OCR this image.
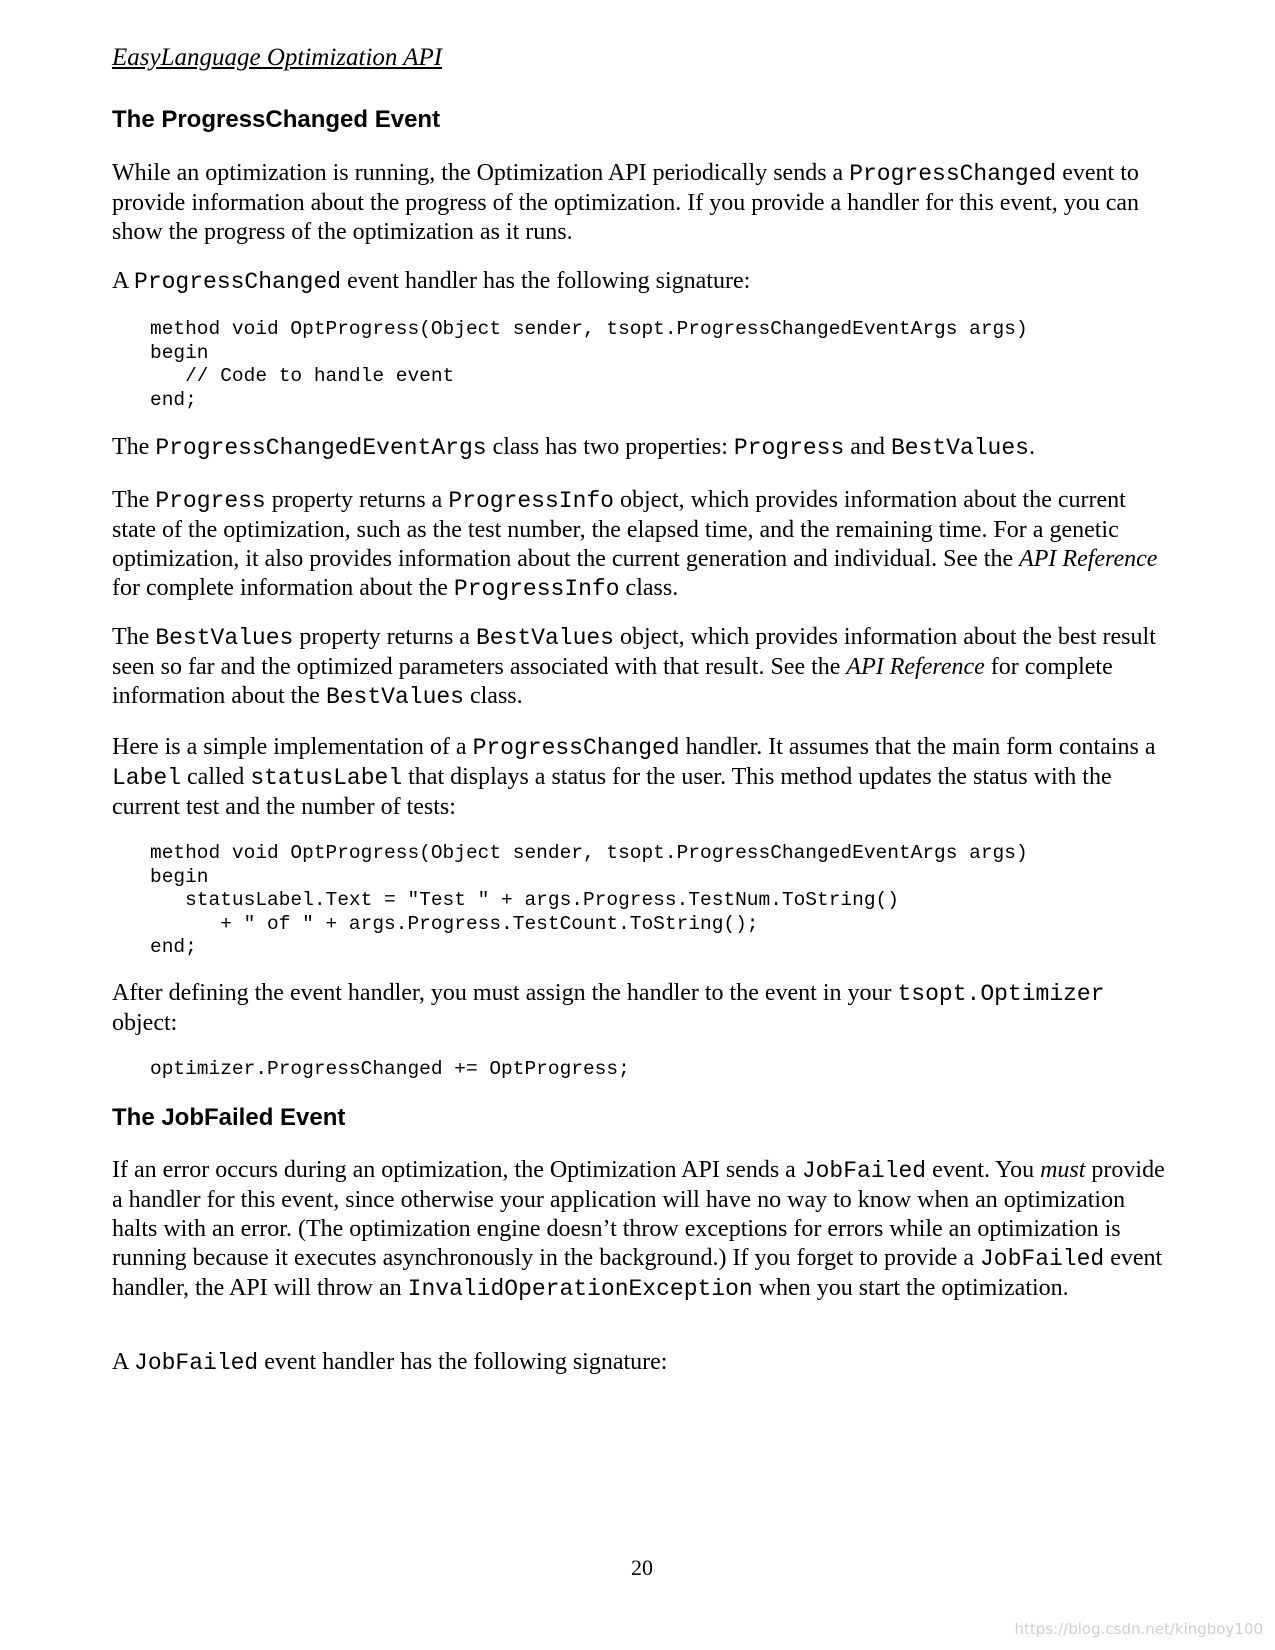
EasyLanguage Optimization API
The ProgressChanged Event

While an optimization is running, the Optimization API periodically sends a ProgressChanged event to provide information about the progress of the optimization. If you provide a handler for this event, you can show the progress of the optimization as it runs.

A ProgressChanged event handler has the following signature:

method void OptProgress(Object sender, tsopt.ProgressChangedEventArgs args)
begin
// Code to handle event
end;

The ProgressChangedEventArgs class has two properties: Progress and BestValues.

The Progress property returns a ProgressInfo object, which provides information about the current state of the optimization, such as the test number, the elapsed time, and the remaining time. For a genetic optimization, it also provides information about the current generation and individual. See the API Reference for complete information about the ProgressInfo class.

The BestValues property returns a BestValues object, which provides information about the best result seen so far and the optimized parameters associated with that result. See the API Reference for complete information about the BestValues class.

Here is a simple implementation of a ProgressChanged handler. It assumes that the main form contains a Label called statusLabel that displays a status for the user. This method updates the status with the current test and the number of tests:

method void OptProgress(Object sender, tsopt.ProgressChangedEventArgs args)
begin
statusLabel.Text = "Test " + args.Progress.TestNum.ToString()
+ " of " + args.Progress.TestCount.ToString();
end;

After defining the event handler, you must assign the handler to the event in your tsopt.Optimizer object:

optimizer.ProgressChanged += OptProgress;
The JobFailed Event

If an error occurs during an optimization, the Optimization API sends a JobFailed event. You must provide a handler for this event, since otherwise your application will have no way to know when an optimization halts with an error. (The optimization engine doesn’t throw exceptions for errors while an optimization is running because it executes asynchronously in the background.) If you forget to provide a JobFailed event handler, the API will throw an InvalidOperationException when you start the optimization.

A JobFailed event handler has the following signature:

20
https://blog.csdn.net/kingboy100
